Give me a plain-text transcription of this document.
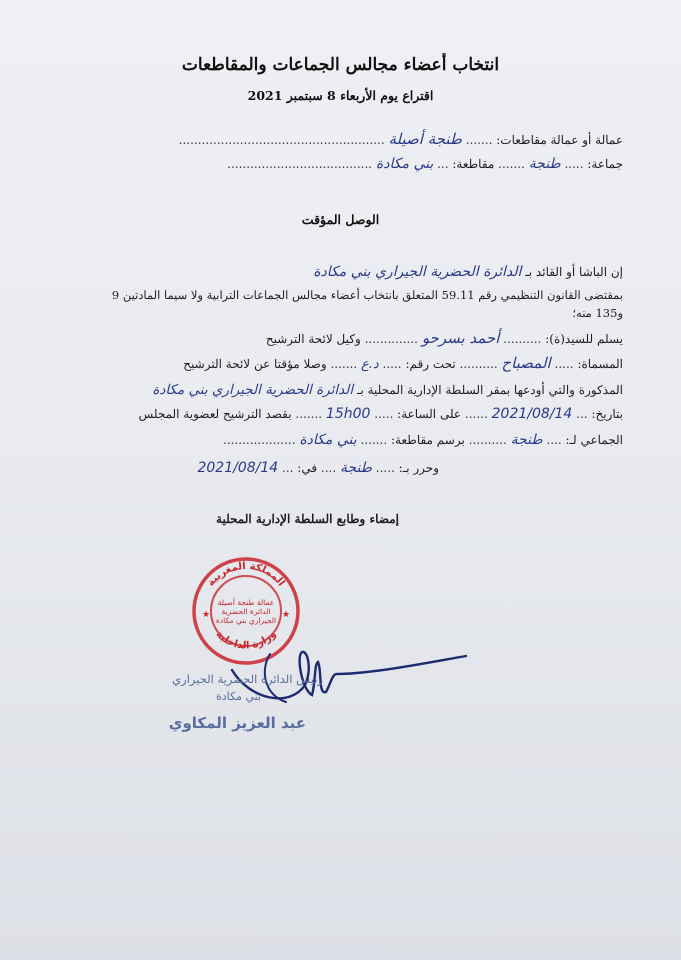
انتخاب أعضاء مجالس الجماعات والمقاطعات
اقتراع يوم الأربعاء 8 سبتمبر 2021
عمالة أو عمالة مقاطعات: ....... طنجة أصيلة ......................................................
جماعة: ..... طنجة ....... مقاطعة: ... بني مكادة ......................................
الوصل المؤقت
إن الباشا أو القائد بـ الدائرة الحضرية الجيراري بني مكادة
بمقتضى القانون التنظيمي رقم 59.11 المتعلق بانتخاب أعضاء مجالس الجماعات الترابية ولا سيما المادتين 9
و135 منه؛
يسلم للسيد(ة): .......... أحمد بسرحو .............. وكيل لائحة الترشيح
المسماة: ..... المصباح .......... تحت رقم: ..... د.ع ....... وصلا مؤقتا عن لائحة الترشيح
المذكورة والتي أودعها بمقر السلطة الإدارية المحلية بـ الدائرة الحضرية الجيراري بني مكادة
بتاريخ: ... 2021/08/14 ...... على الساعة: ..... 15h00 ....... بقصد الترشيح لعضوية المجلس
الجماعي لـ: .... طنجة .......... برسم مقاطعة: ....... بني مكادة ...................
وحرر بـ: ..... طنجة .... في: ... 2021/08/14
إمضاء وطابع السلطة الإدارية المحلية
المملكة المغربية
وزارة الداخلية
عمالة طنجة أصيلة
الدائرة الحضرية
الجيراري بني مكادة
★	★
رئيس الدائرة الحضرية الجيراري
بني مكادة
عبد العزيز المكاوي
